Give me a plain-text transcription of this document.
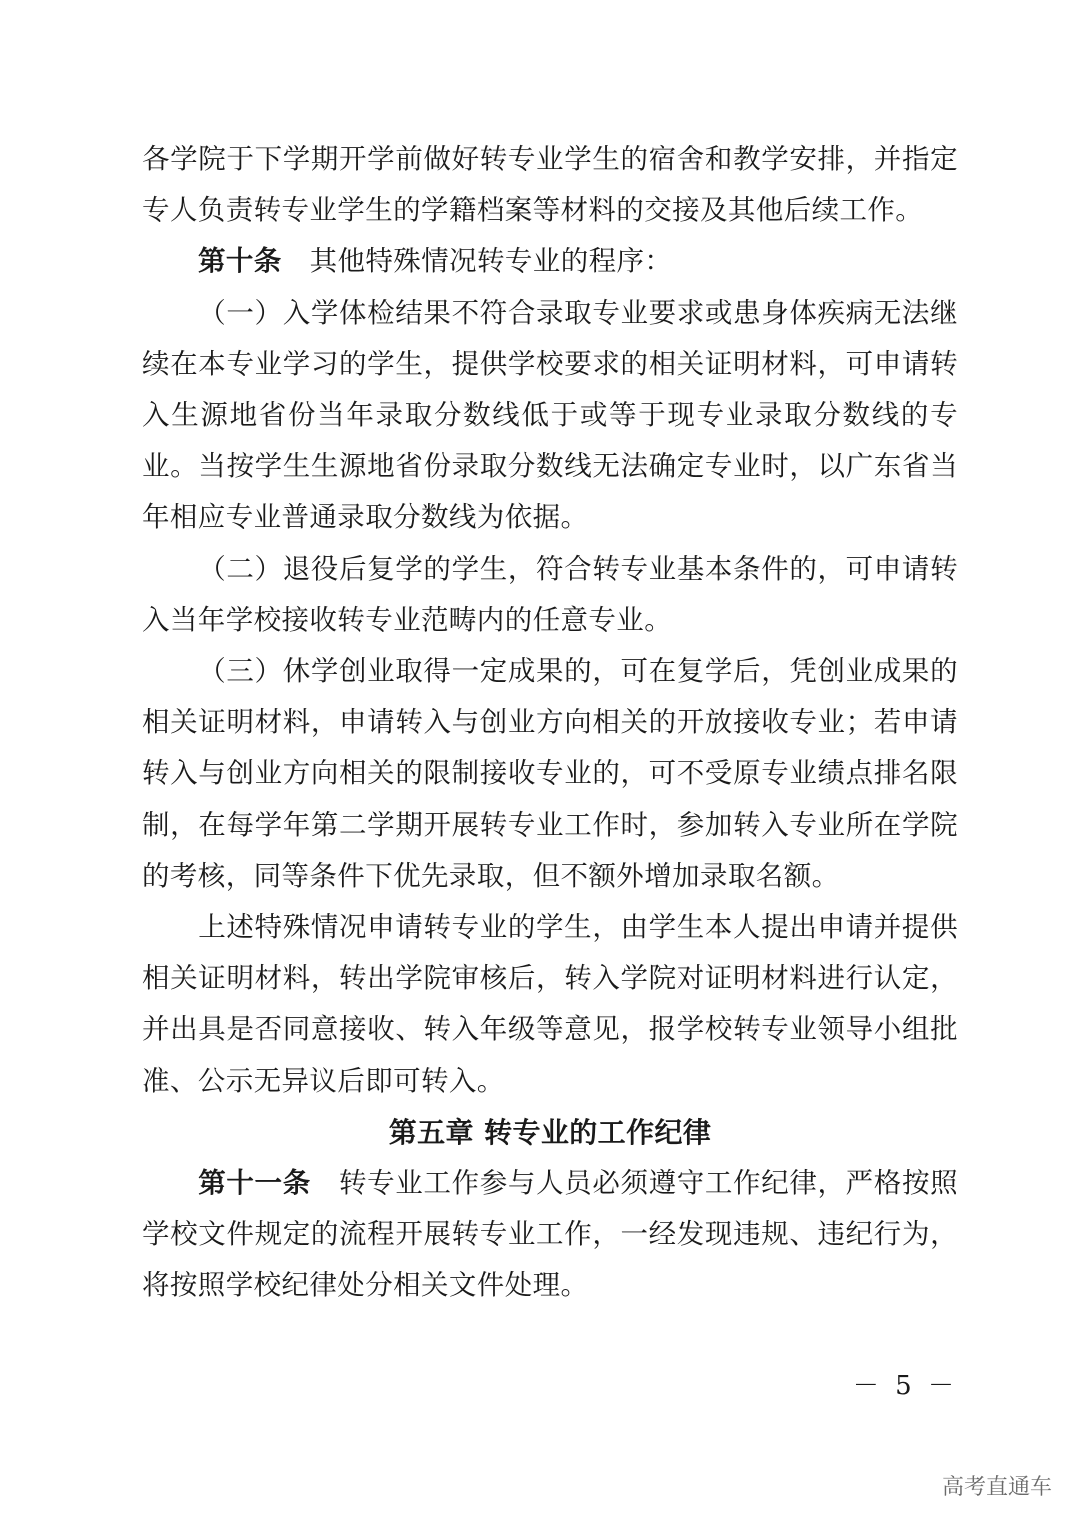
各学院于下学期开学前做好转专业学生的宿舍和教学安排，并指定专人负责转专业学生的学籍档案等材料的交接及其他后续工作。

第十条　 其他特殊情况转专业的程序：

（一）入学体检结果不符合录取专业要求或患身体疾病无法继续在本专业学习的学生，提供学校要求的相关证明材料，可申请转入生源地省份当年录取分数线低于或等于现专业录取分数线的专业。当按学生生源地省份录取分数线无法确定专业时，以广东省当年相应专业普通录取分数线为依据。

（二）退役后复学的学生，符合转专业基本条件的，可申请转入当年学校接收转专业范畴内的任意专业。

（三）休学创业取得一定成果的，可在复学后，凭创业成果的相关证明材料，申请转入与创业方向相关的开放接收专业；若申请转入与创业方向相关的限制接收专业的，可不受原专业绩点排名限制，在每学年第二学期开展转专业工作时，参加转入专业所在学院的考核，同等条件下优先录取，但不额外增加录取名额。

上述特殊情况申请转专业的学生，由学生本人提出申请并提供相关证明材料，转出学院审核后，转入学院对证明材料进行认定，并出具是否同意接收、转入年级等意见，报学校转专业领导小组批准、公示无异议后即可转入。

第五章 转专业的工作纪律

第十一条　 转专业工作参与人员必须遵守工作纪律，严格按照学校文件规定的流程开展转专业工作，一经发现违规、违纪行为，将按照学校纪律处分相关文件处理。

－ 5 －
高考直通车
